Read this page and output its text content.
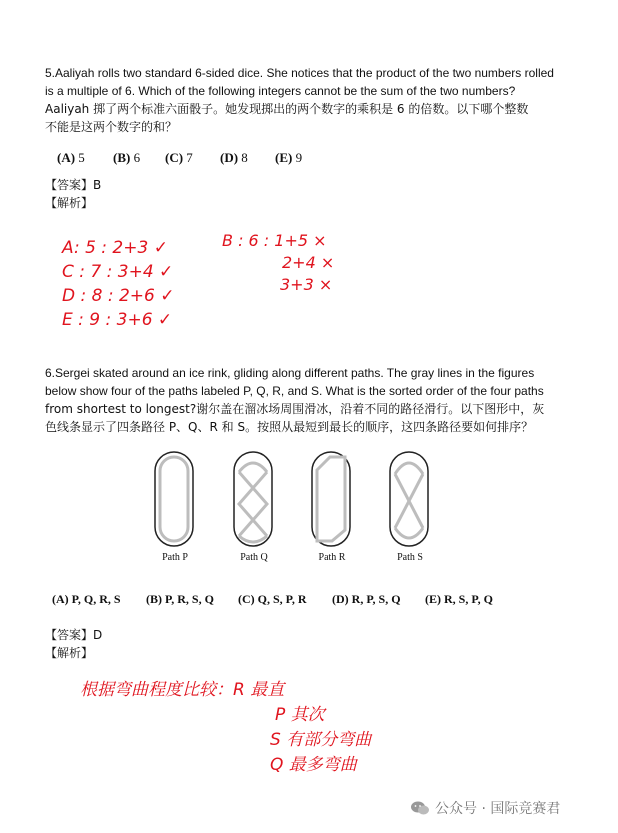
5.Aaliyah rolls two standard 6-sided dice. She notices that the product of the two numbers rolled
is a multiple of 6. Which of the following integers cannot be the sum of the two numbers?
Aaliyah 掷了两个标准六面骰子。她发现掷出的两个数字的乘积是 6 的倍数。以下哪个整数
不能是这两个数字的和？
(A) 5 (B) 6 (C) 7 (D) 8 (E) 9
【答案】B
【解析】
A: 5 : 2+3 ✓
C : 7 : 3+4 ✓
D : 8 : 2+6 ✓
E : 9 : 3+6 ✓
B : 6 : 1+5 ×
2+4 ×
3+3 ×
6.Sergei skated around an ice rink, gliding along different paths. The gray lines in the figures
below show four of the paths labeled P, Q, R, and S. What is the sorted order of the four paths
from shortest to longest?谢尔盖在溜冰场周围滑冰，沿着不同的路径滑行。以下图形中，灰
色线条显示了四条路径 P、Q、R 和 S。按照从最短到最长的顺序，这四条路径要如何排序？
Path P	Path Q	Path R	Path S
(A) P, Q, R, S (B) P, R, S, Q (C) Q, S, P, R (D) R, P, S, Q (E) R, S, P, Q
【答案】D
【解析】
根据弯曲程度比较：R 最直
P 其次
S 有部分弯曲
Q 最多弯曲
公众号 · 国际竞赛君
